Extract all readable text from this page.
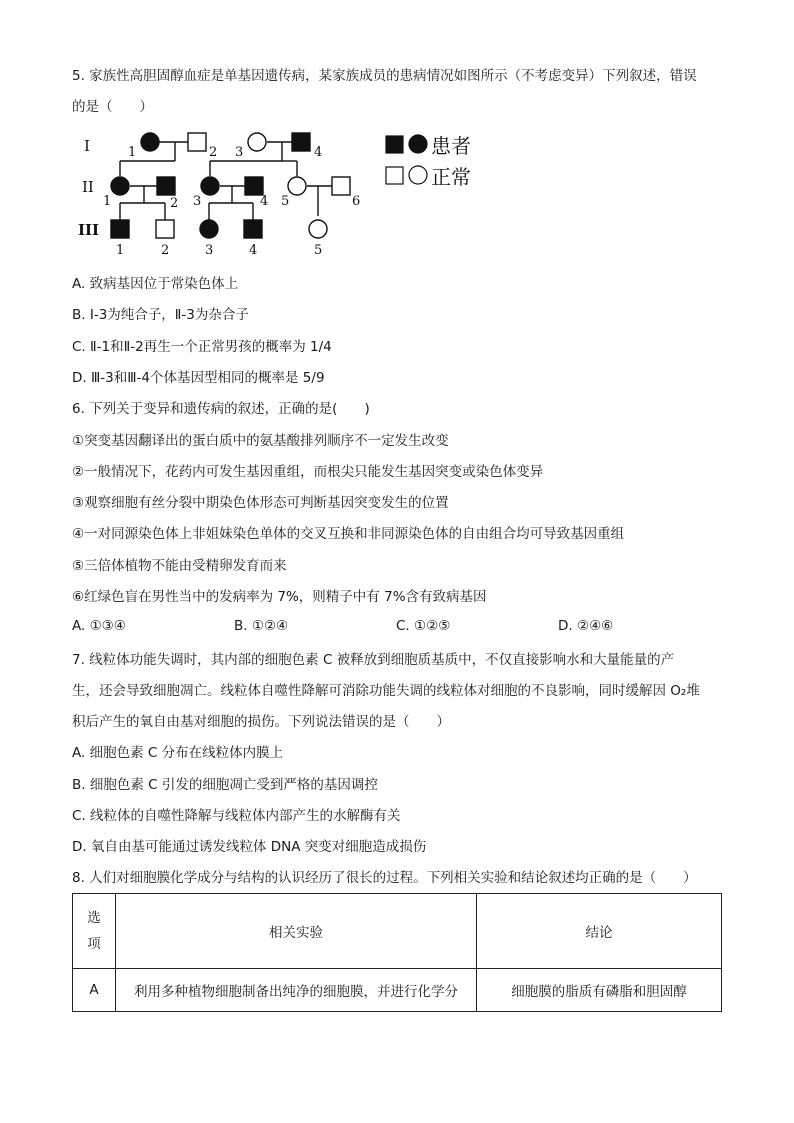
5. 家族性高胆固醇血症是单基因遗传病，某家族成员的患病情况如图所示（不考虑变异）下列叙述，错误
的是（　　）
I
II
III
1	2 3	4
1	2 3	4 5	6
1	2	3	4	5
患者
正常
A. 致病基因位于常染色体上
B. I-3为纯合子，Ⅱ-3为杂合子
C. Ⅱ-1和Ⅱ-2再生一个正常男孩的概率为 1/4
D. Ⅲ-3和Ⅲ-4个体基因型相同的概率是 5/9
6. 下列关于变异和遗传病的叙述，正确的是(　　)
①突变基因翻译出的蛋白质中的氨基酸排列顺序不一定发生改变
②一般情况下，花药内可发生基因重组，而根尖只能发生基因突变或染色体变异
③观察细胞有丝分裂中期染色体形态可判断基因突变发生的位置
④一对同源染色体上非姐妹染色单体的交叉互换和非同源染色体的自由组合均可导致基因重组
⑤三倍体植物不能由受精卵发育而来
⑥红绿色盲在男性当中的发病率为 7%，则精子中有 7%含有致病基因
A. ①③④	B. ①②④	C. ①②⑤	D. ②④⑥
7. 线粒体功能失调时，其内部的细胞色素 C 被释放到细胞质基质中，不仅直接影响水和大量能量的产
生，还会导致细胞凋亡。线粒体自噬性降解可消除功能失调的线粒体对细胞的不良影响，同时缓解因 O₂堆
积后产生的氧自由基对细胞的损伤。下列说法错误的是（　　）
A. 细胞色素 C 分布在线粒体内膜上
B. 细胞色素 C 引发的细胞凋亡受到严格的基因调控
C. 线粒体的自噬性降解与线粒体内部产生的水解酶有关
D. 氧自由基可能通过诱发线粒体 DNA 突变对细胞造成损伤
8. 人们对细胞膜化学成分与结构的认识经历了很长的过程。下列相关实验和结论叙述均正确的是（　　）
选
项	相关实验	结论
A	利用多种植物细胞制备出纯净的细胞膜，并进行化学分	细胞膜的脂质有磷脂和胆固醇
